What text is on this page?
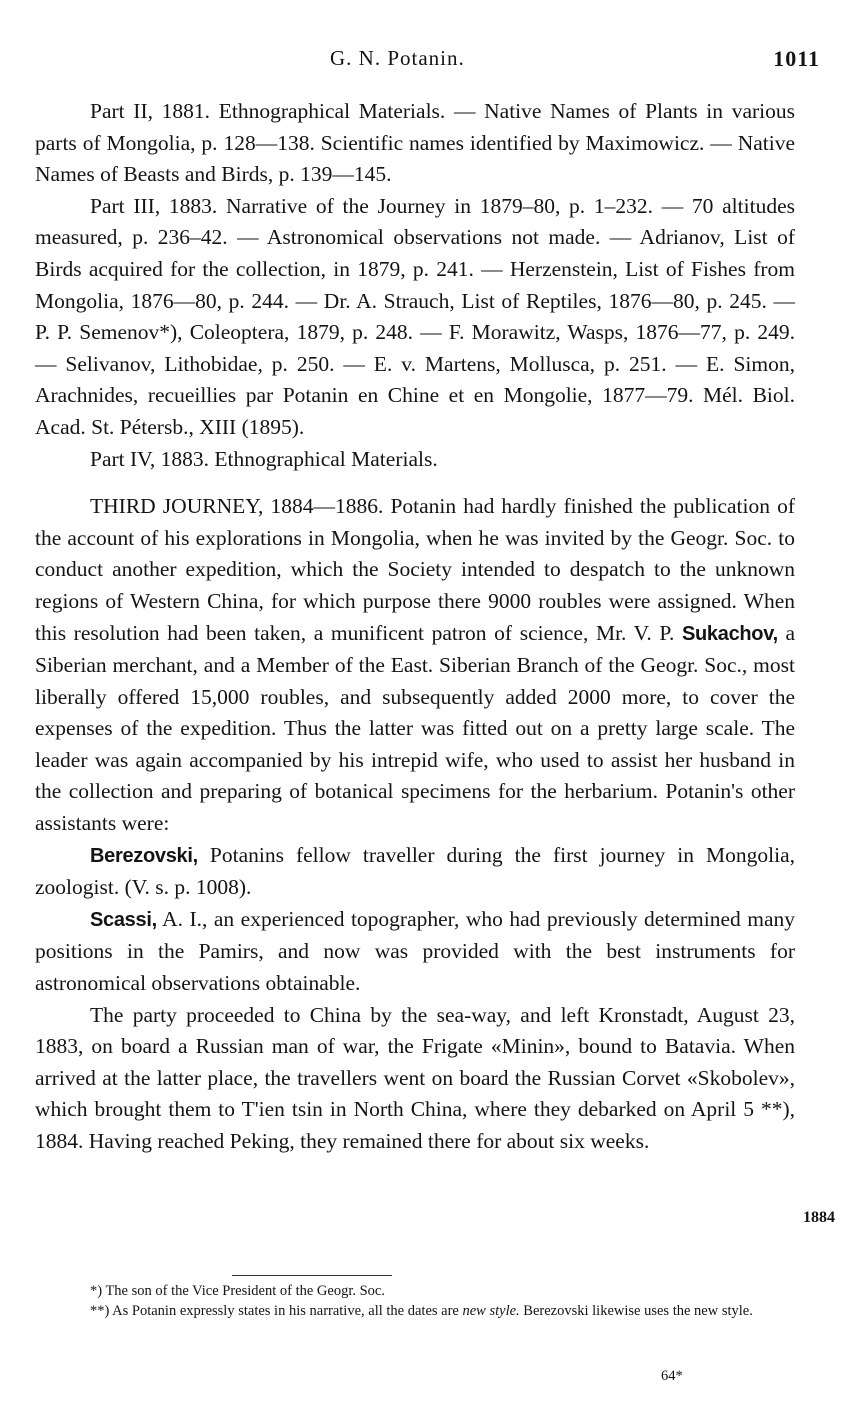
G. N. Potanin.	1011

Part II, 1881. Ethnographical Materials. — Native Names of Plants in various parts of Mongolia, p. 128—138. Scientific names identified by Maximowicz. — Native Names of Beasts and Birds, p. 139—145.

Part III, 1883. Narrative of the Journey in 1879–80, p. 1–232. — 70 altitudes measured, p. 236–42. — Astronomical observations not made. — Adrianov, List of Birds acquired for the collection, in 1879, p. 241. — Herzenstein, List of Fishes from Mongolia, 1876—80, p. 244. — Dr. A. Strauch, List of Reptiles, 1876—80, p. 245. — P. P. Semenov*), Coleoptera, 1879, p. 248. — F. Morawitz, Wasps, 1876—77, p. 249. — Selivanov, Lithobidae, p. 250. — E. v. Martens, Mollusca, p. 251. — E. Simon, Arachnides, recueillies par Potanin en Chine et en Mongolie, 1877—79. Mél. Biol. Acad. St. Pétersb., XIII (1895).

Part IV, 1883. Ethnographical Materials.

THIRD JOURNEY, 1884—1886. Potanin had hardly finished the publication of the account of his explorations in Mongolia, when he was invited by the Geogr. Soc. to conduct another expedition, which the Society intended to despatch to the unknown regions of Western China, for which purpose there 9000 roubles were assigned. When this resolution had been taken, a munificent patron of science, Mr. V. P. Sukachov, a Siberian merchant, and a Member of the East. Siberian Branch of the Geogr. Soc., most liberally offered 15,000 roubles, and subsequently added 2000 more, to cover the expenses of the expedition. Thus the latter was fitted out on a pretty large scale. The leader was again accompanied by his intrepid wife, who used to assist her husband in the collection and preparing of botanical specimens for the herbarium. Potanin's other assistants were:

Berezovski, Potanins fellow traveller during the first journey in Mongolia, zoologist. (V. s. p. 1008).

Scassi, A. I., an experienced topographer, who had previously determined many positions in the Pamirs, and now was provided with the best instruments for astronomical observations obtainable.

The party proceeded to China by the sea-way, and left Kronstadt, August 23, 1883, on board a Russian man of war, the Frigate «Minin», bound to Batavia. When arrived at the latter place, the travellers went on board the Russian Corvet «Skobolev», which brought them to T'ien tsin in North China, where they debarked on April 5 **), 1884. Having reached Peking, they remained there for about six weeks.

1884

*) The son of the Vice President of the Geogr. Soc.

**) As Potanin expressly states in his narrative, all the dates are new style. Berezovski likewise uses the new style.

64*
